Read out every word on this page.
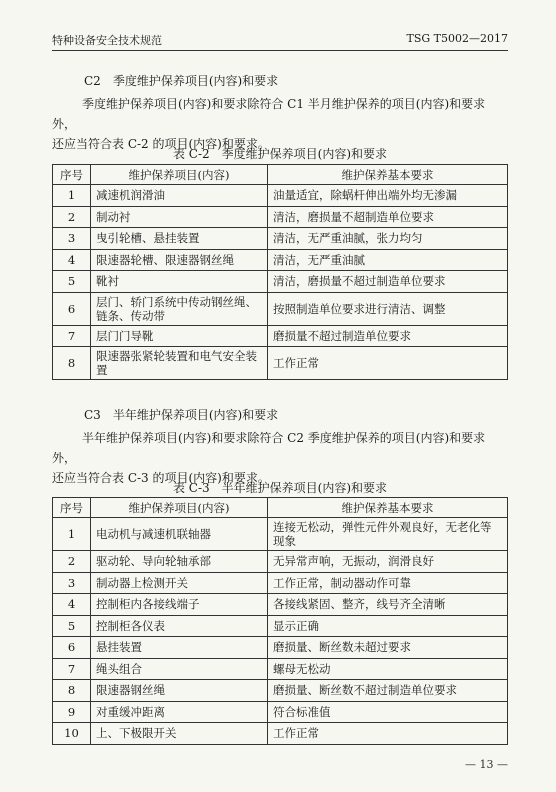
特种设备安全技术规范	TSG T5002—2017
C2　季度维护保养项目(内容)和要求
季度维护保养项目(内容)和要求除符合 C1 半月维护保养的项目(内容)和要求 外，
还应当符合表 C-2 的项目(内容)和要求。
表 C-2　季度维护保养项目(内容)和要求
序号	维护保养项目(内容)	维护保养基本要求
1	减速机润滑油	油量适宜，除蜗杆伸出端外均无渗漏
2	制动衬	清洁，磨损量不超制造单位要求
3	曳引轮槽、悬挂装置	清洁，无严重油腻，张力均匀
4	限速器轮槽、限速器钢丝绳	清洁，无严重油腻
5	靴衬	清洁，磨损量不超过制造单位要求
6	层门、轿门系统中传动钢丝绳、链条、传动带	按照制造单位要求进行清洁、调整
7	层门门导靴	磨损量不超过制造单位要求
8	限速器张紧轮装置和电气安全装置	工作正常
C3　半年维护保养项目(内容)和要求
半年维护保养项目(内容)和要求除符合 C2 季度维护保养的项目(内容)和要求 外，
还应当符合表 C-3 的项目(内容)和要求。
表 C-3　半年维护保养项目(内容)和要求
序号	维护保养项目(内容)	维护保养基本要求
1	电动机与减速机联轴器	连接无松动，弹性元件外观良好，无老化等现象
2	驱动轮、导向轮轴承部	无异常声响，无振动，润滑良好
3	制动器上检测开关	工作正常，制动器动作可靠
4	控制柜内各接线端子	各接线紧固、整齐，线号齐全清晰
5	控制柜各仪表	显示正确
6	悬挂装置	磨损量、断丝数未超过要求
7	绳头组合	螺母无松动
8	限速器钢丝绳	磨损量、断丝数不超过制造单位要求
9	对重缓冲距离	符合标准值
10	上、下极限开关	工作正常
— 13 —
